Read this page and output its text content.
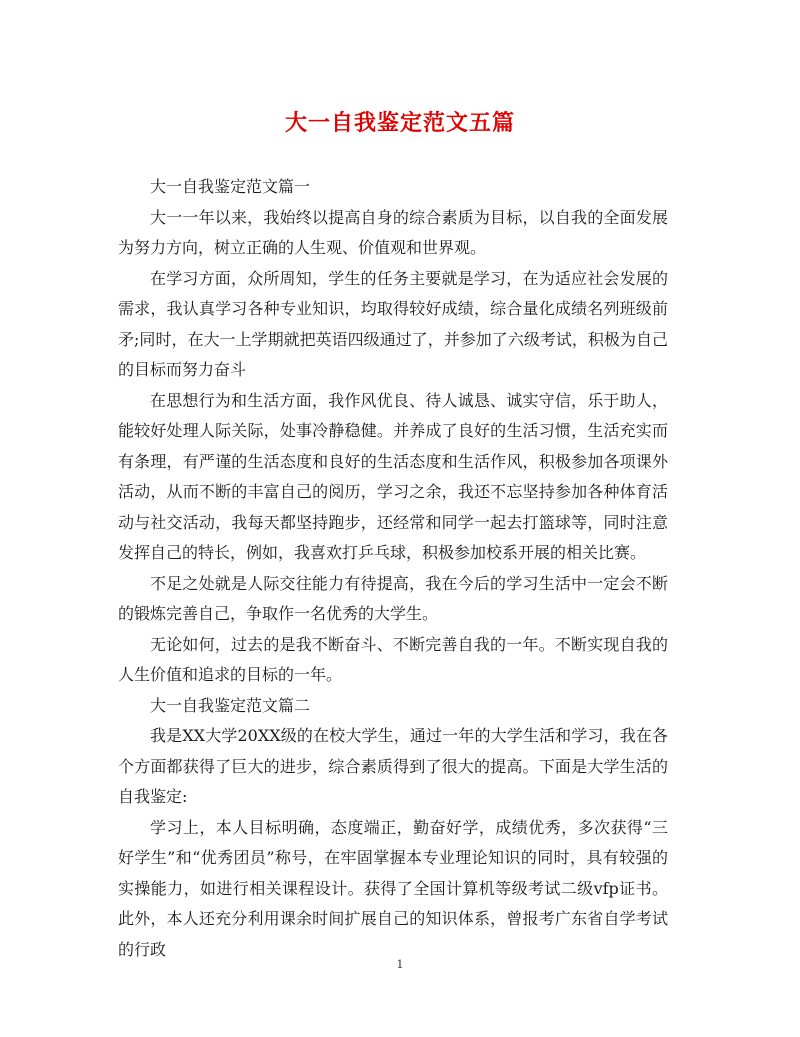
大一自我鉴定范文五篇

大一自我鉴定范文篇一

大一一年以来，我始终以提高自身的综合素质为目标，以自我的全面发展为努力方向，树立正确的人生观、价值观和世界观。

在学习方面，众所周知，学生的任务主要就是学习，在为适应社会发展的需求，我认真学习各种专业知识，均取得较好成绩，综合量化成绩名列班级前矛;同时，在大一上学期就把英语四级通过了，并参加了六级考试，积极为自己的目标而努力奋斗

在思想行为和生活方面，我作风优良、待人诚恳、诚实守信，乐于助人，能较好处理人际关际，处事冷静稳健。并养成了良好的生活习惯，生活充实而有条理，有严谨的生活态度和良好的生活态度和生活作风，积极参加各项课外活动，从而不断的丰富自己的阅历，学习之余，我还不忘坚持参加各种体育活动与社交活动，我每天都坚持跑步，还经常和同学一起去打篮球等，同时注意发挥自己的特长，例如，我喜欢打乒乓球，积极参加校系开展的相关比赛。

不足之处就是人际交往能力有待提高，我在今后的学习生活中一定会不断的锻炼完善自己，争取作一名优秀的大学生。

无论如何，过去的是我不断奋斗、不断完善自我的一年。不断实现自我的人生价值和追求的目标的一年。

大一自我鉴定范文篇二

我是XX大学20XX级的在校大学生，通过一年的大学生活和学习，我在各个方面都获得了巨大的进步，综合素质得到了很大的提高。下面是大学生活的自我鉴定:

学习上，本人目标明确，态度端正，勤奋好学，成绩优秀，多次获得“三好学生”和“优秀团员”称号，在牢固掌握本专业理论知识的同时，具有较强的实操能力，如进行相关课程设计。获得了全国计算机等级考试二级vfp证书。此外，本人还充分利用课余时间扩展自己的知识体系，曾报考广东省自学考试的行政

1
